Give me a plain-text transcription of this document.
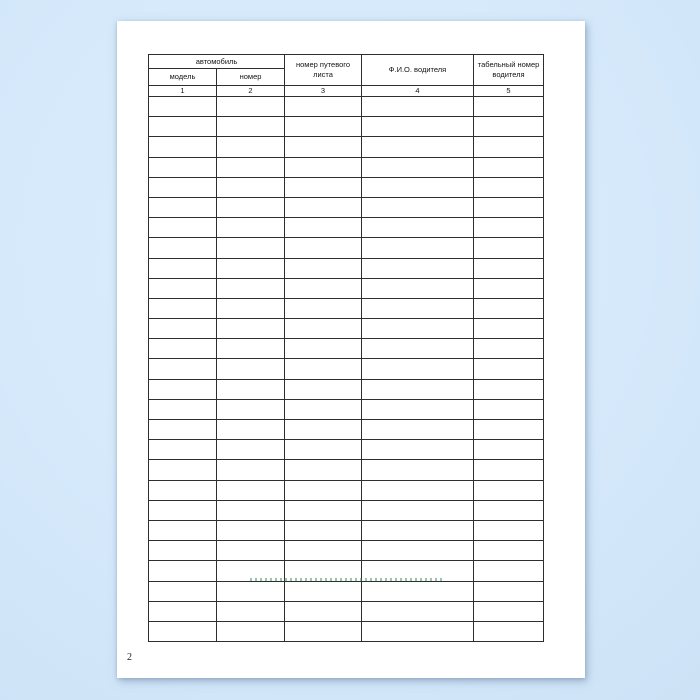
автомобиль		номер путевого листа	Ф.И.О. водителя	табельный номер водителя
модель	номер			
1	2	3	4	5

2
